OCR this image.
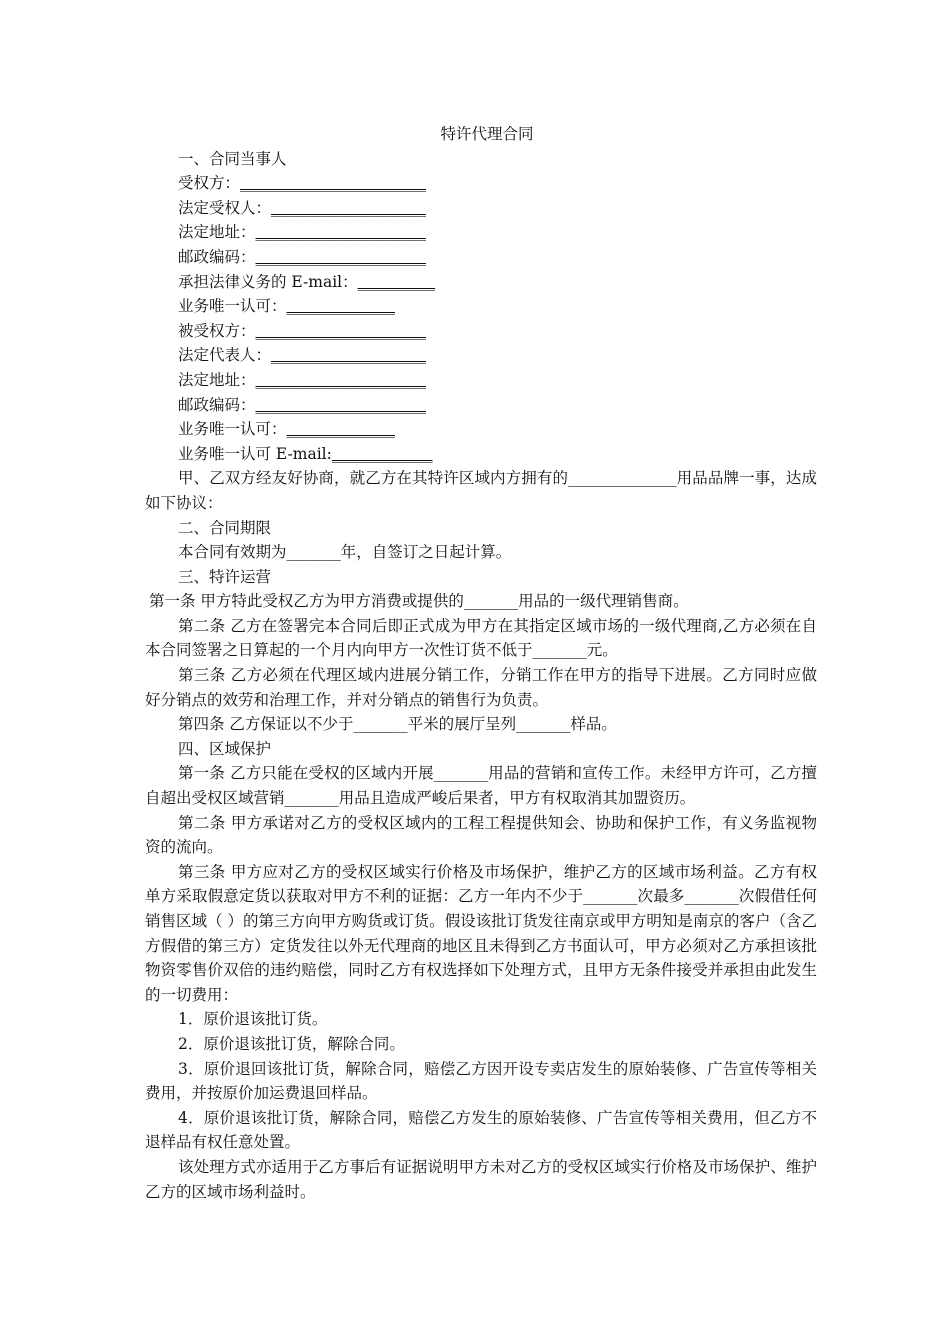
特许代理合同

一、合同当事人

受权方：________________________

法定受权人：____________________

法定地址：______________________

邮政编码：______________________

承担法律义务的 E-mail：__________

业务唯一认可：______________

被受权方：______________________

法定代表人：____________________

法定地址：______________________

邮政编码：______________________

业务唯一认可：______________

业务唯一认可 E-mail:_____________

甲、乙双方经友好协商，就乙方在其特许区域内方拥有的______________用品品牌一事，达成如下协议：

二、合同期限

本合同有效期为_______年，自签订之日起计算。

三、特许运营

第一条 甲方特此受权乙方为甲方消费或提供的_______用品的一级代理销售商。

第二条 乙方在签署完本合同后即正式成为甲方在其指定区域市场的一级代理商,乙方必须在自本合同签署之日算起的一个月内向甲方一次性订货不低于_______元。

第三条 乙方必须在代理区域内进展分销工作，分销工作在甲方的指导下进展。乙方同时应做好分销点的效劳和治理工作，并对分销点的销售行为负责。

第四条 乙方保证以不少于_______平米的展厅呈列_______样品。

四、区域保护

第一条 乙方只能在受权的区域内开展_______用品的营销和宣传工作。未经甲方许可，乙方擅自超出受权区域营销_______用品且造成严峻后果者，甲方有权取消其加盟资历。

第二条 甲方承诺对乙方的受权区域内的工程工程提供知会、协助和保护工作，有义务监视物资的流向。

第三条 甲方应对乙方的受权区域实行价格及市场保护，维护乙方的区域市场利益。乙方有权单方采取假意定货以获取对甲方不利的证据：乙方一年内不少于_______次最多_______次假借任何销售区域（ ）的第三方向甲方购货或订货。假设该批订货发往南京或甲方明知是南京的客户（含乙方假借的第三方）定货发往以外无代理商的地区且未得到乙方书面认可，甲方必须对乙方承担该批物资零售价双倍的违约赔偿，同时乙方有权选择如下处理方式，且甲方无条件接受并承担由此发生的一切费用：

1．原价退该批订货。

2．原价退该批订货，解除合同。

3．原价退回该批订货，解除合同，赔偿乙方因开设专卖店发生的原始装修、广告宣传等相关费用，并按原价加运费退回样品。

4．原价退该批订货，解除合同，赔偿乙方发生的原始装修、广告宣传等相关费用，但乙方不退样品有权任意处置。

该处理方式亦适用于乙方事后有证据说明甲方未对乙方的受权区域实行价格及市场保护、维护乙方的区域市场利益时。
